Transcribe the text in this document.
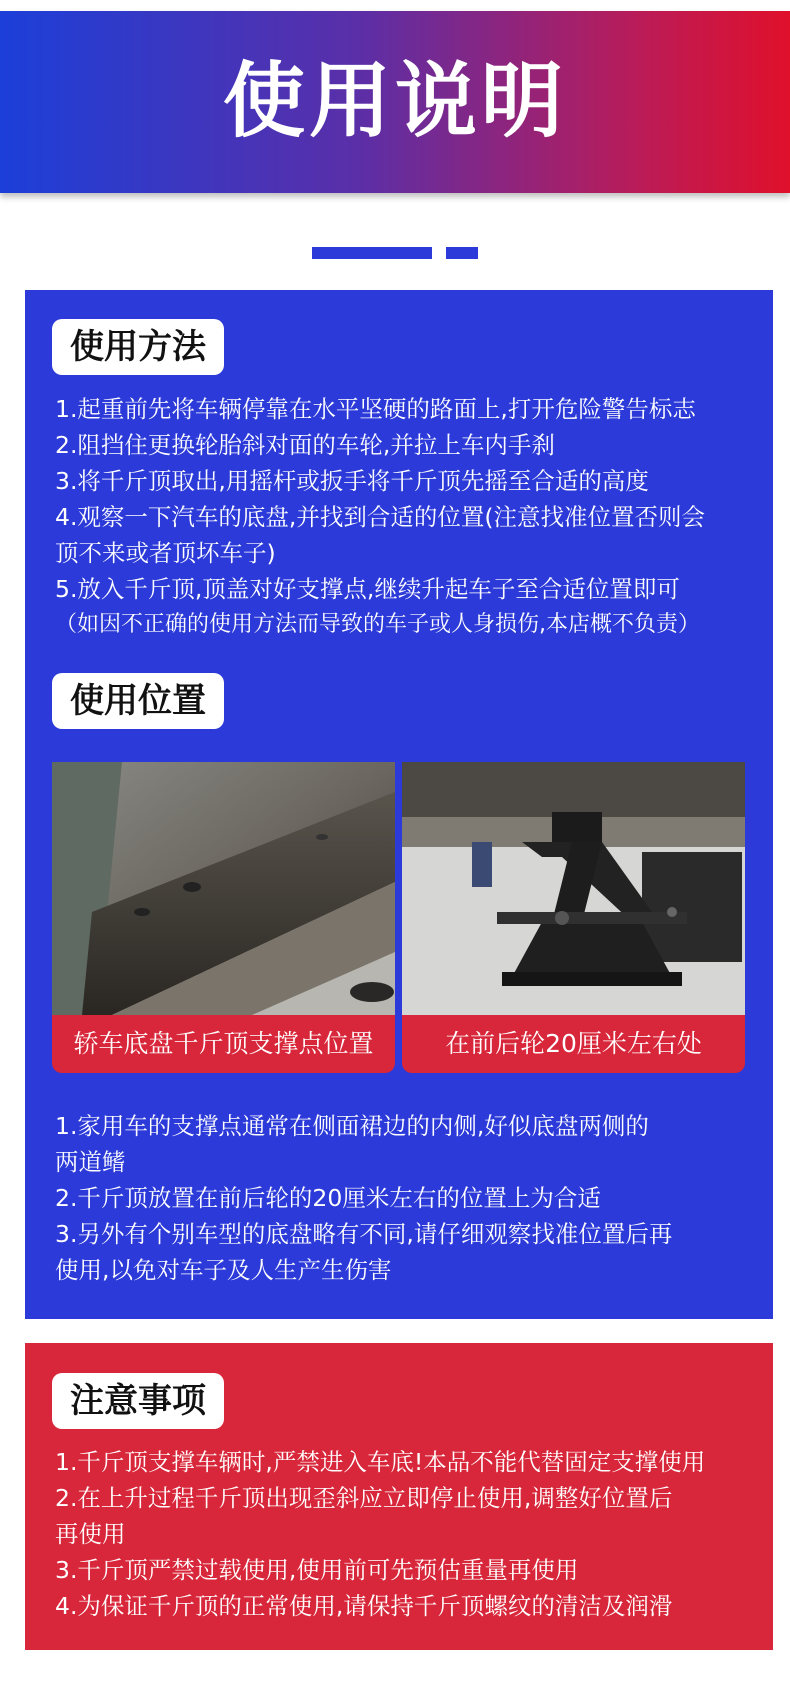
使用说明
使用方法
1.起重前先将车辆停靠在水平坚硬的路面上,打开危险警告标志
2.阻挡住更换轮胎斜对面的车轮,并拉上车内手刹
3.将千斤顶取出,用摇杆或扳手将千斤顶先摇至合适的高度
4.观察一下汽车的底盘,并找到合适的位置(注意找准位置否则会
顶不来或者顶坏车子)
5.放入千斤顶,顶盖对好支撑点,继续升起车子至合适位置即可
（如因不正确的使用方法而导致的车子或人身损伤,本店概不负责）
使用位置
轿车底盘千斤顶支撑点位置	在前后轮20厘米左右处
1.家用车的支撑点通常在侧面裙边的内侧,好似底盘两侧的
两道鳍
2.千斤顶放置在前后轮的20厘米左右的位置上为合适
3.另外有个别车型的底盘略有不同,请仔细观察找准位置后再
使用,以免对车子及人生产生伤害
注意事项
1.千斤顶支撑车辆时,严禁进入车底!本品不能代替固定支撑使用
2.在上升过程千斤顶出现歪斜应立即停止使用,调整好位置后
再使用
3.千斤顶严禁过载使用,使用前可先预估重量再使用
4.为保证千斤顶的正常使用,请保持千斤顶螺纹的清洁及润滑
